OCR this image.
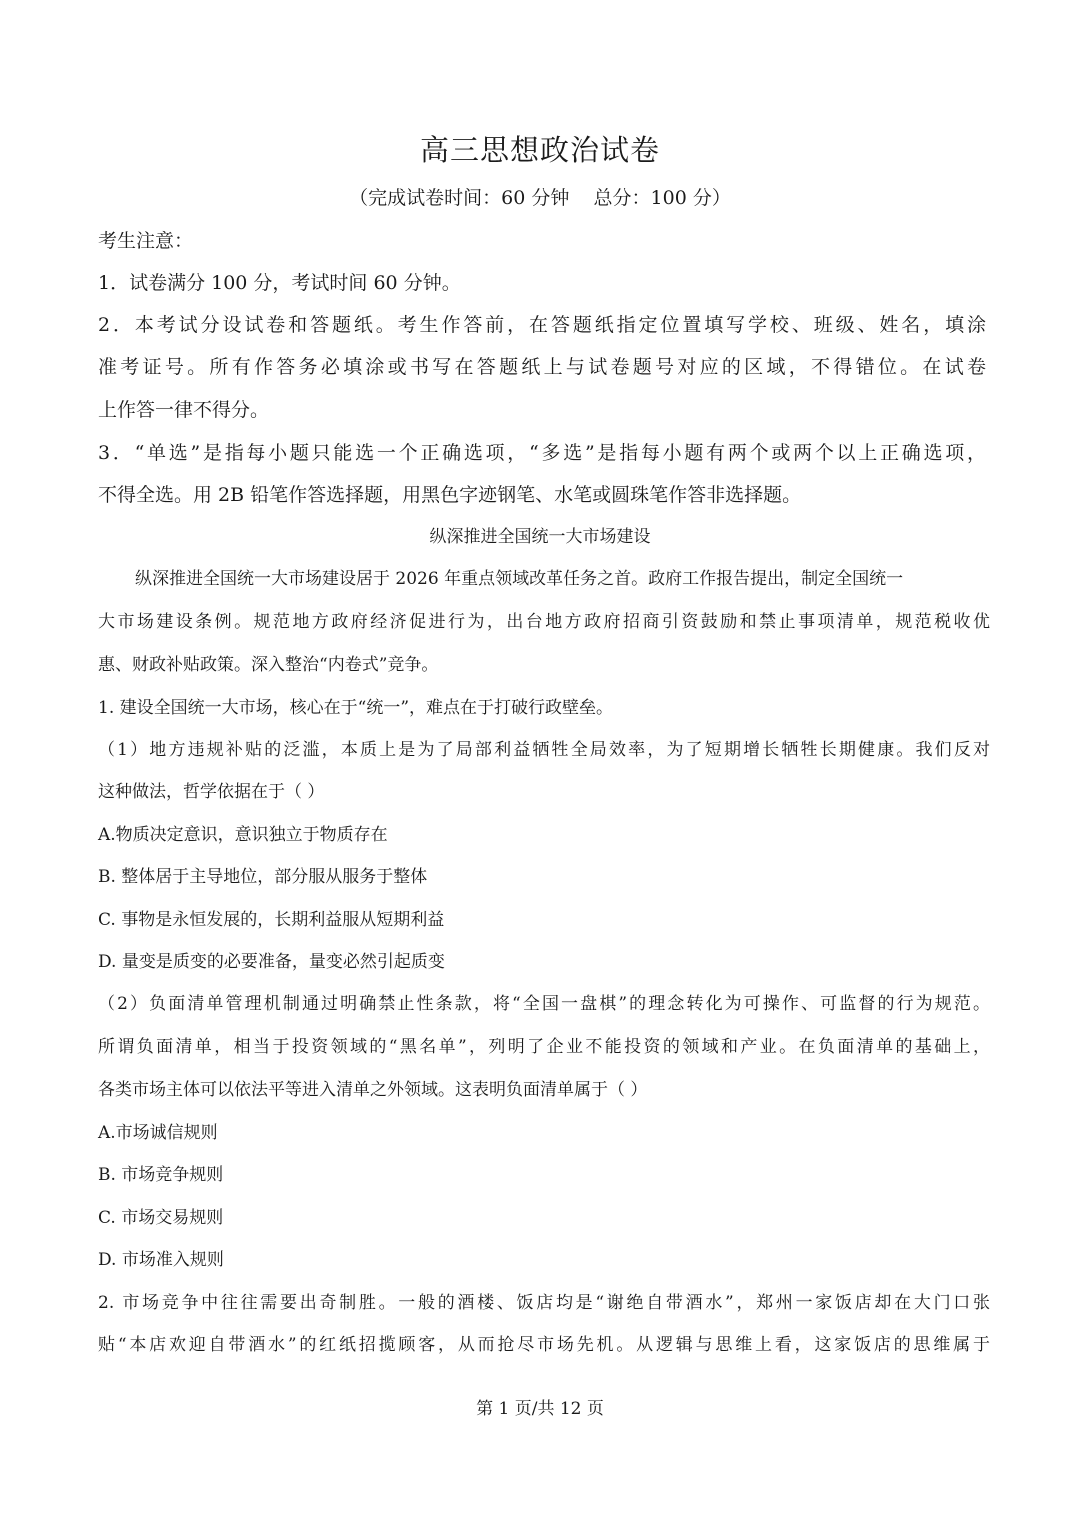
高三思想政治试卷
（完成试卷时间：60 分钟    总分：100 分）
考生注意：
1．试卷满分 100 分，考试时间 60 分钟。
2．本考试分设试卷和答题纸。考生作答前，在答题纸指定位置填写学校、班级、姓名，填涂
准考证号。所有作答务必填涂或书写在答题纸上与试卷题号对应的区域，不得错位。在试卷
上作答一律不得分。
3．“单选”是指每小题只能选一个正确选项，“多选”是指每小题有两个或两个以上正确选项，
不得全选。用 2B 铅笔作答选择题，用黑色字迹钢笔、水笔或圆珠笔作答非选择题。
纵深推进全国统一大市场建设
纵深推进全国统一大市场建设居于 2026 年重点领域改革任务之首。政府工作报告提出，制定全国统一
大市场建设条例。规范地方政府经济促进行为，出台地方政府招商引资鼓励和禁止事项清单，规范税收优
惠、财政补贴政策。深入整治“内卷式”竞争。
1. 建设全国统一大市场，核心在于“统一”，难点在于打破行政壁垒。
（1）地方违规补贴的泛滥，本质上是为了局部利益牺牲全局效率，为了短期增长牺牲长期健康。我们反对
这种做法，哲学依据在于（ ）
A.物质决定意识，意识独立于物质存在
B. 整体居于主导地位，部分服从服务于整体
C. 事物是永恒发展的，长期利益服从短期利益
D. 量变是质变的必要准备，量变必然引起质变
（2）负面清单管理机制通过明确禁止性条款，将“全国一盘棋”的理念转化为可操作、可监督的行为规范。
所谓负面清单，相当于投资领域的“黑名单”，列明了企业不能投资的领域和产业。在负面清单的基础上，
各类市场主体可以依法平等进入清单之外领域。这表明负面清单属于（ ）
A.市场诚信规则
B. 市场竞争规则
C. 市场交易规则
D. 市场准入规则
2. 市场竞争中往往需要出奇制胜。一般的酒楼、饭店均是“谢绝自带酒水”，郑州一家饭店却在大门口张
贴“本店欢迎自带酒水”的红纸招揽顾客，从而抢尽市场先机。从逻辑与思维上看，这家饭店的思维属于
第 1 页/共 12 页
